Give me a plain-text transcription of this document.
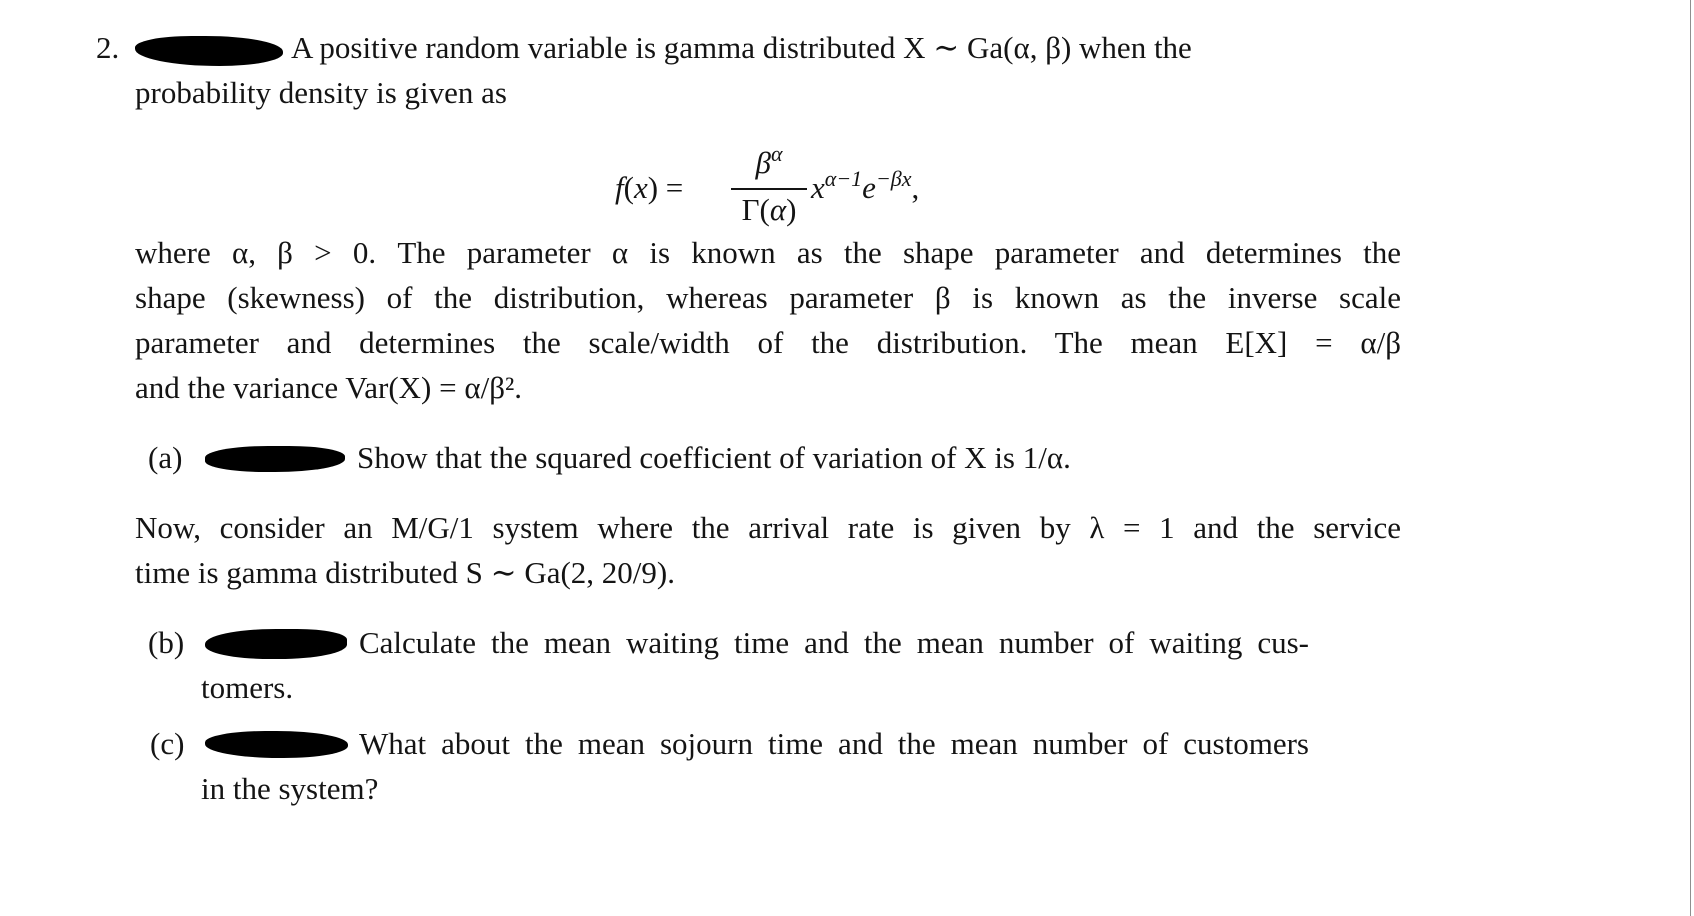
2.	A positive random variable is gamma distributed X ∼ Ga(α, β) when the
probability density is given as
f(x) =
$\beta^\alpha$
Γ(α)
$x^{\alpha-1}e^{-\beta x}$,
where α, β > 0. The parameter α is known as the shape parameter and determines the
shape (skewness) of the distribution, whereas parameter β is known as the inverse scale
parameter and determines the scale/width of the distribution. The mean E[X] = α/β
and the variance Var(X) = α/β².
(a)	Show that the squared coefficient of variation of X is 1/α.
Now, consider an M/G/1 system where the arrival rate is given by λ = 1 and the service
time is gamma distributed S ∼ Ga(2, 20/9).
(b)	Calculate the mean waiting time and the mean number of waiting cus-
tomers.
(c)	What about the mean sojourn time and the mean number of customers
in the system?
